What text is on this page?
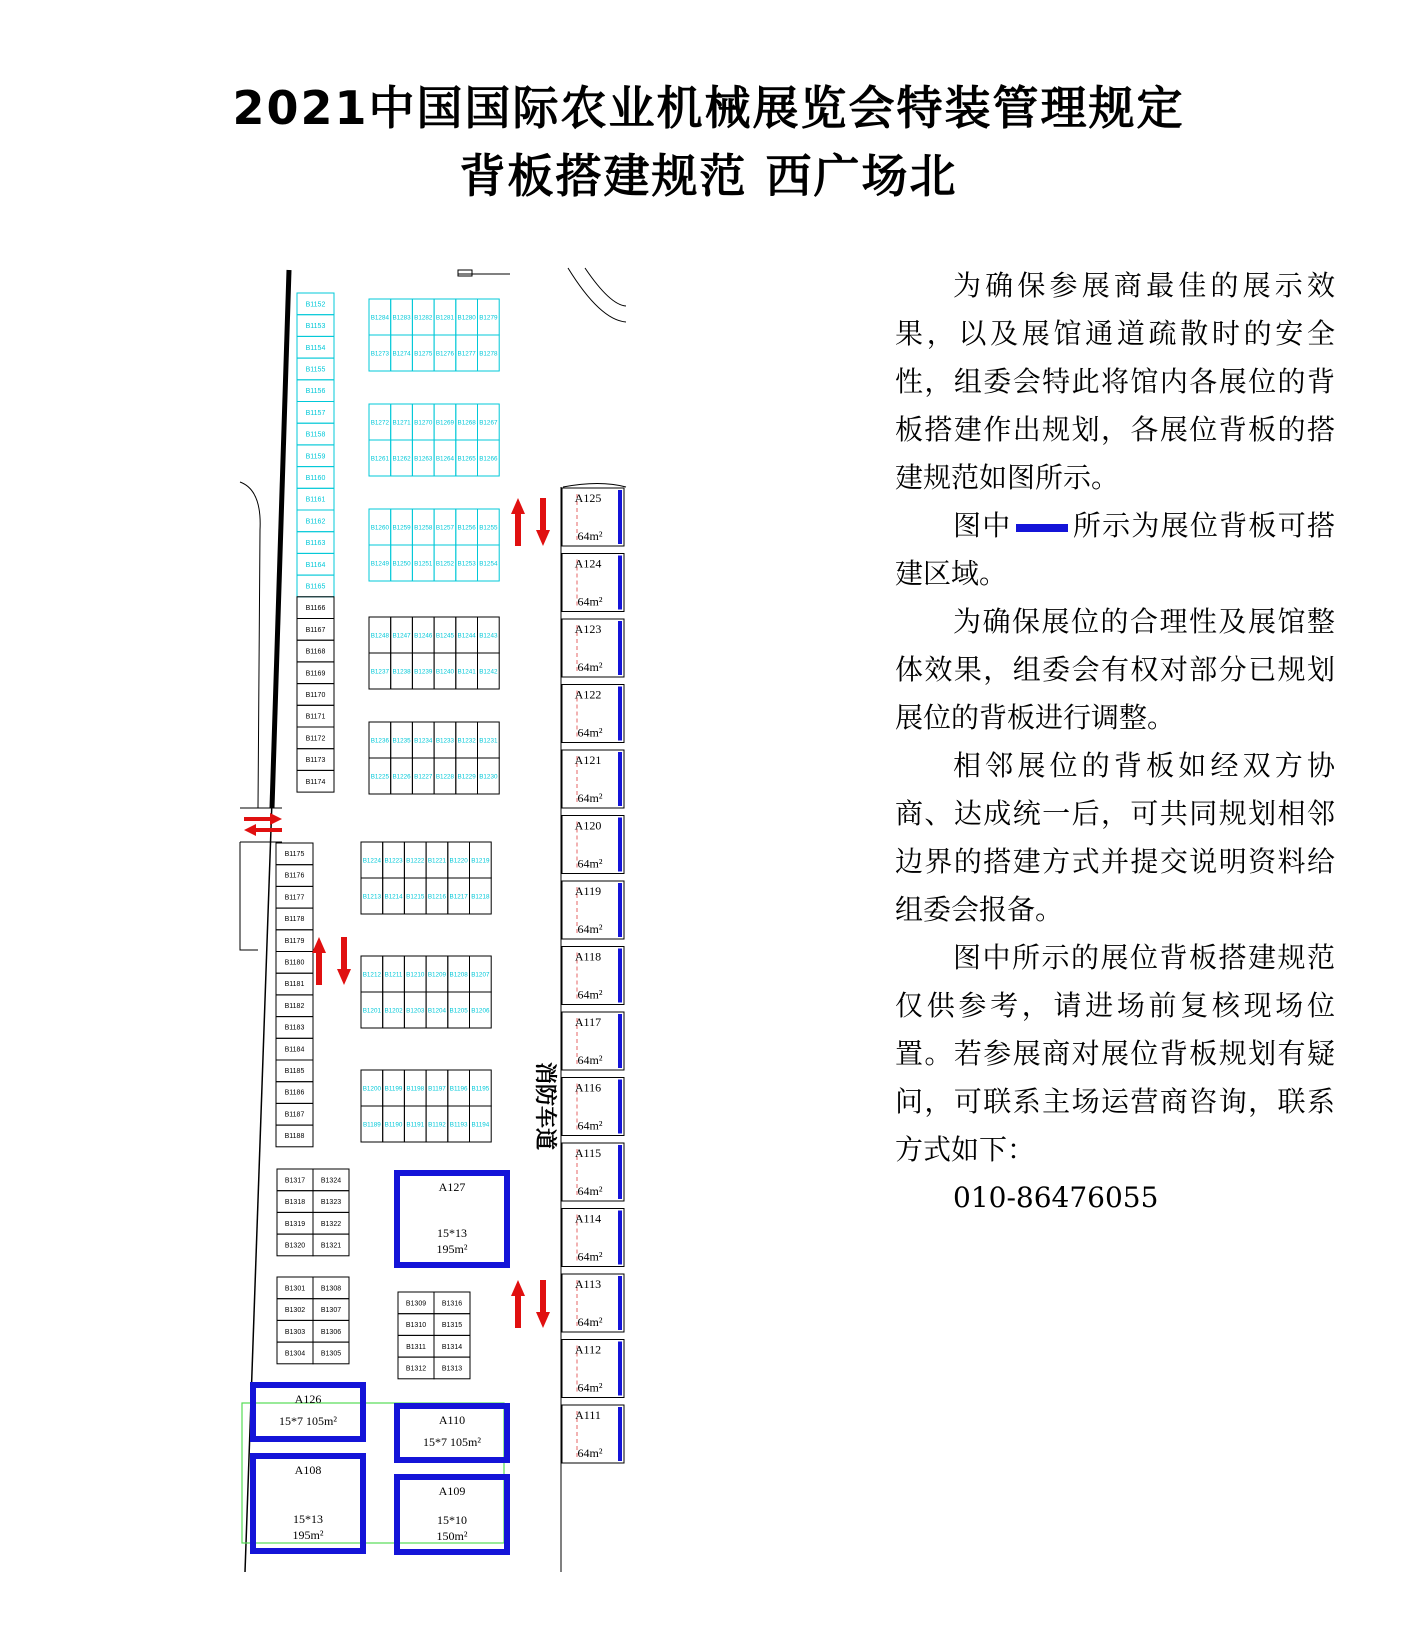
2021中国国际农业机械展览会特装管理规定
背板搭建规范 西广场北
B1152
B1153
B1154
B1155
B1156
B1157
B1158
B1159
B1160
B1161
B1162
B1163
B1164
B1165
B1166
B1167
B1168
B1169
B1170
B1171
B1172
B1173
B1174
B1175
B1176
B1177
B1178
B1179
B1180
B1181
B1182
B1183
B1184
B1185
B1186
B1187
B1188
B1284 B1283 B1282 B1281 B1280 B1279
B1273 B1274 B1275 B1276 B1277 B1278
B1272 B1271 B1270 B1269 B1268 B1267
B1261 B1262 B1263 B1264 B1265 B1266
B1260 B1259 B1258 B1257 B1256 B1255
B1249 B1250 B1251 B1252 B1253 B1254
B1248 B1247 B1246 B1245 B1244 B1243
B1237 B1238 B1239 B1240 B1241 B1242
B1236 B1235 B1234 B1233 B1232 B1231
B1225 B1226 B1227 B1228 B1229 B1230
B1224 B1223 B1222 B1221 B1220 B1219
B1213 B1214 B1215 B1216 B1217 B1218
B1212 B1211 B1210 B1209 B1208 B1207
B1201 B1202 B1203 B1204 B1205 B1206
B1200 B1199 B1198 B1197 B1196 B1195
B1189 B1190 B1191 B1192 B1193 B1194
B1317 B1324
B1318 B1323
B1319 B1322
B1320 B1321
B1301 B1308
B1302 B1307
B1303 B1306
B1304 B1305
B1309 B1316
B1310 B1315
B1311 B1314
B1312 B1313
A125
64m²
A124
64m²
A123
64m²
A122
64m²
A121
64m²
A120
64m²
A119
64m²
A118
64m²
A117
64m²
A116
64m²
A115
64m²
A114
64m²
A113
64m²
A112
64m²
A111
64m²
A127
15*13
195m²
A126
15*7 105m²	A110
15*7 105m²
A108
15*13
195m²
A109
15*10
150m²
消防车道

为确保参展商最佳的展示效果，以及展馆通道疏散时的安全性，组委会特此将馆内各展位的背板搭建作出规划，各展位背板的搭建规范如图所示。

图中 所示为展位背板可搭建区域。

为确保展位的合理性及展馆整体效果，组委会有权对部分已规划展位的背板进行调整。

相邻展位的背板如经双方协商、达成统一后，可共同规划相邻边界的搭建方式并提交说明资料给组委会报备。

图中所示的展位背板搭建规范仅供参考，请进场前复核现场位置。若参展商对展位背板规划有疑问，可联系主场运营商咨询，联系方式如下：

010-86476055
